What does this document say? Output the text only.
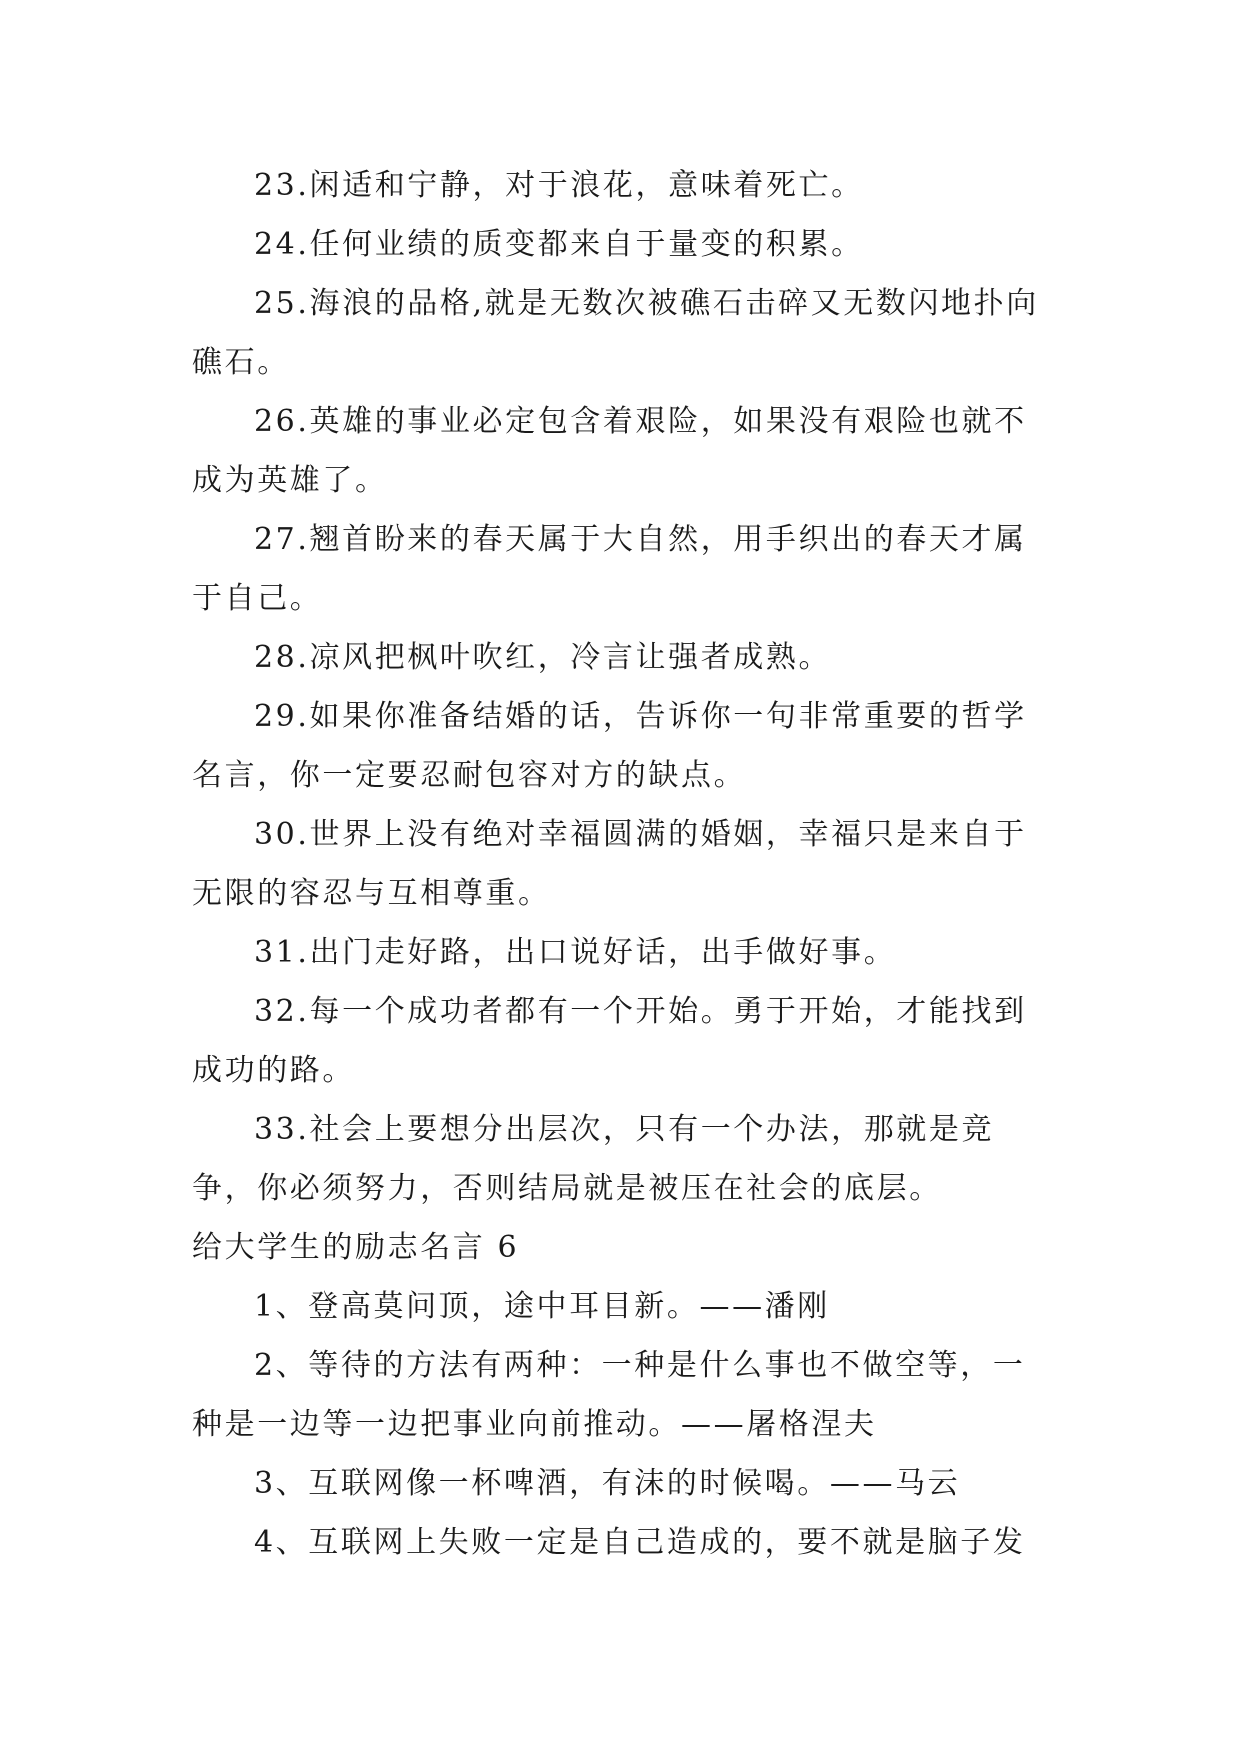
23.闲适和宁静，对于浪花，意味着死亡。

24.任何业绩的质变都来自于量变的积累。

25.海浪的品格,就是无数次被礁石击碎又无数闪地扑向礁石。

26.英雄的事业必定包含着艰险，如果没有艰险也就不成为英雄了。

27.翘首盼来的春天属于大自然，用手织出的春天才属于自己。

28.凉风把枫叶吹红，冷言让强者成熟。

29.如果你准备结婚的话，告诉你一句非常重要的哲学名言，你一定要忍耐包容对方的缺点。

30.世界上没有绝对幸福圆满的婚姻，幸福只是来自于无限的容忍与互相尊重。

31.出门走好路，出口说好话，出手做好事。

32.每一个成功者都有一个开始。勇于开始，才能找到成功的路。

33.社会上要想分出层次，只有一个办法，那就是竞争，你必须努力，否则结局就是被压在社会的底层。

给大学生的励志名言 6

1、登高莫问顶，途中耳目新。——潘刚

2、等待的方法有两种：一种是什么事也不做空等，一种是一边等一边把事业向前推动。——屠格涅夫

3、互联网像一杯啤酒，有沫的时候喝。——马云

4、互联网上失败一定是自己造成的，要不就是脑子发
